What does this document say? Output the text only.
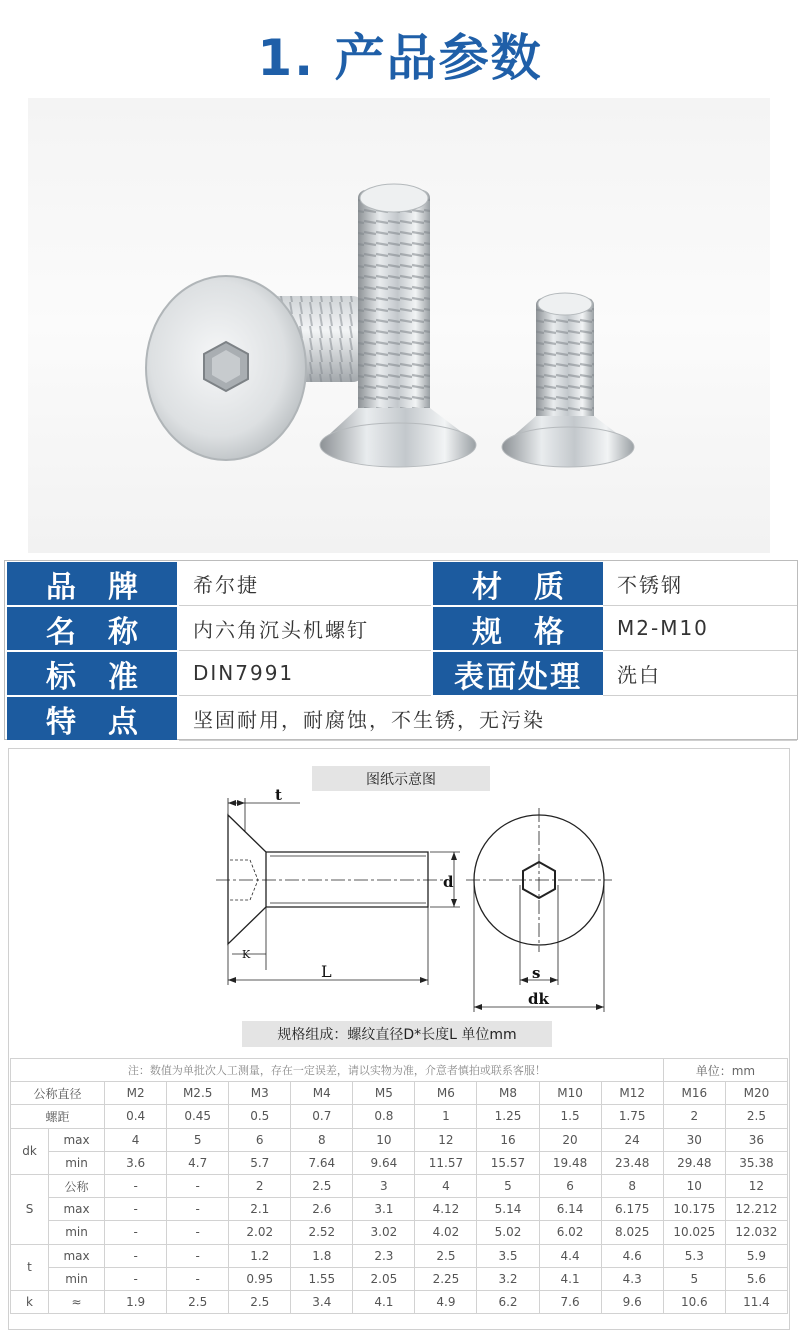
1. 产品参数
品牌	希尔捷	材质	不锈钢
名称	内六角沉头机螺钉	规格	M2-M10
标准	DIN7991	表面处理	洗白
特点	坚固耐用，耐腐蚀，不生锈，无污染
图纸示意图
t
d
K
L	s
dk
规格组成：螺纹直径D*长度L 单位mm
注：数值为单批次人工测量，存在一定误差，请以实物为准，介意者慎拍或联系客服！											单位：mm	
公称直径		M2	M2.5	M3	M4	M5	M6	M8	M10	M12	M16	M20
螺距		0.4	0.45	0.5	0.7	0.8	1	1.25	1.5	1.75	2	2.5
dk	max	4	5	6	8	10	12	16	20	24	30	36
	min	3.6	4.7	5.7	7.64	9.64	11.57	15.57	19.48	23.48	29.48	35.38
S	公称	-	-	2	2.5	3	4	5	6	8	10	12
	max	-	-	2.1	2.6	3.1	4.12	5.14	6.14	6.175	10.175	12.212
	min	-	-	2.02	2.52	3.02	4.02	5.02	6.02	8.025	10.025	12.032
t	max	-	-	1.2	1.8	2.3	2.5	3.5	4.4	4.6	5.3	5.9
	min	-	-	0.95	1.55	2.05	2.25	3.2	4.1	4.3	5	5.6
k	≈	1.9	2.5	2.5	3.4	4.1	4.9	6.2	7.6	9.6	10.6	11.4
